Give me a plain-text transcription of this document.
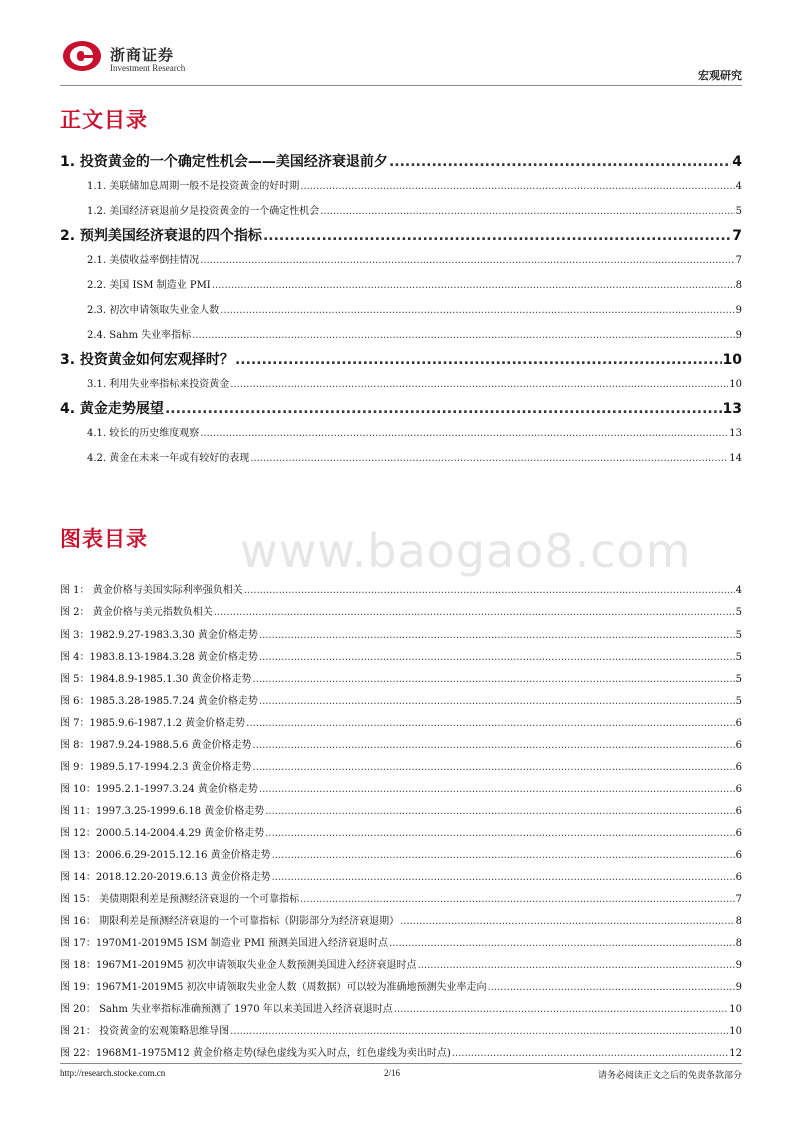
浙商证券
Investment Research
宏观研究
正文目录
1. 投资黄金的一个确定性机会——美国经济衰退前夕 .....	4
1.1. 美联储加息周期一般不是投资黄金的好时期 .....	4
1.2. 美国经济衰退前夕是投资黄金的一个确定性机会 .....	5
2. 预判美国经济衰退的四个指标 .....	7
2.1. 美债收益率倒挂情况 .....	7
2.2. 美国 ISM 制造业 PMI .....	8
2.3. 初次申请领取失业金人数 .....	9
2.4. Sahm 失业率指标 .....	9
3. 投资黄金如何宏观择时？ .....	10
3.1. 利用失业率指标来投资黄金 .....	10
4. 黄金走势展望 .....	13
4.1. 较长的历史维度观察 .....	13
4.2. 黄金在未来一年或有较好的表现 .....	14
图表目录 www.baogao8.com
图 1： 黄金价格与美国实际利率强负相关 .....	4
图 2： 黄金价格与美元指数负相关 .....	5
图 3：1982.9.27-1983.3.30 黄金价格走势 .....	5
图 4：1983.8.13-1984.3.28 黄金价格走势 .....	5
图 5：1984.8.9-1985.1.30 黄金价格走势 .....	5
图 6：1985.3.28-1985.7.24 黄金价格走势 .....	5
图 7：1985.9.6-1987.1.2 黄金价格走势 .....	6
图 8：1987.9.24-1988.5.6 黄金价格走势 .....	6
图 9：1989.5.17-1994.2.3 黄金价格走势 .....	6
图 10：1995.2.1-1997.3.24 黄金价格走势 .....	6
图 11：1997.3.25-1999.6.18 黄金价格走势 .....	6
图 12：2000.5.14-2004.4.29 黄金价格走势 .....	6
图 13：2006.6.29-2015.12.16 黄金价格走势 .....	6
图 14：2018.12.20-2019.6.13 黄金价格走势 .....	6
图 15： 美债期限利差是预测经济衰退的一个可靠指标 .....	7
图 16： 期限利差是预测经济衰退的一个可靠指标（阴影部分为经济衰退期） .....	8
图 17：1970M1-2019M5 ISM 制造业 PMI 预测美国进入经济衰退时点 .....	8
图 18：1967M1-2019M5 初次申请领取失业金人数预测美国进入经济衰退时点 .....	9
图 19：1967M1-2019M5 初次申请领取失业金人数（周数据）可以较为准确地预测失业率走向 .....	9
图 20： Sahm 失业率指标准确预测了 1970 年以来美国进入经济衰退时点 .....	10
图 21： 投资黄金的宏观策略思维导图 .....	10
图 22：1968M1-1975M12 黄金价格走势(绿色虚线为买入时点，红色虚线为卖出时点) .....	12
http://research.stocke.com.cn	2/16	请务必阅读正文之后的免责条款部分
